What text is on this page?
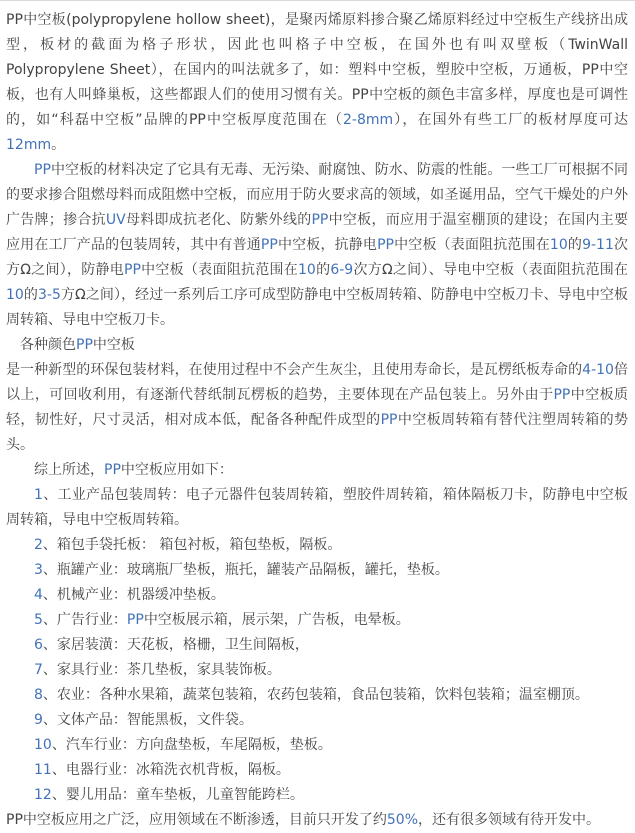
PP中空板(polypropylene hollow sheet)，是聚丙烯原料掺合聚乙烯原料经过中空板生产线挤出成型，板材的截面为格子形状，因此也叫格子中空板，在国外也有叫双壁板（TwinWall Polypropylene Sheet），在国内的叫法就多了，如：塑料中空板，塑胶中空板，万通板，PP中空板，也有人叫蜂巢板，这些都跟人们的使用习惯有关。PP中空板的颜色丰富多样，厚度也是可调性的，如“科磊中空板”品牌的PP中空板厚度范围在（2-8mm），在国外有些工厂的板材厚度可达12mm。

PP中空板的材料决定了它具有无毒、无污染、耐腐蚀、防水、防震的性能。一些工厂可根据不同的要求掺合阻燃母料而成阻燃中空板，而应用于防火要求高的领域，如圣诞用品，空气干燥处的户外广告牌；掺合抗UV母料即成抗老化、防紫外线的PP中空板，而应用于温室棚顶的建设；在国内主要应用在工厂产品的包装周转，其中有普通PP中空板，抗静电PP中空板（表面阻抗范围在10的9-11次方Ω之间），防静电PP中空板（表面阻抗范围在10的6-9次方Ω之间）、导电中空板（表面阻抗范围在10的3-5方Ω之间），经过一系列后工序可成型防静电中空板周转箱、防静电中空板刀卡、导电中空板周转箱、导电中空板刀卡。

各种颜色PP中空板

是一种新型的环保包装材料，在使用过程中不会产生灰尘，且使用寿命长，是瓦楞纸板寿命的4-10倍以上，可回收利用，有逐渐代替纸制瓦楞板的趋势，主要体现在产品包装上。另外由于PP中空板质轻，韧性好，尺寸灵活，相对成本低，配备各种配件成型的PP中空板周转箱有替代注塑周转箱的势头。

综上所述，PP中空板应用如下：

1、工业产品包装周转：电子元器件包装周转箱，塑胶件周转箱，箱体隔板刀卡，防静电中空板周转箱，导电中空板周转箱。

2、箱包手袋托板： 箱包衬板，箱包垫板，隔板。

3、瓶罐产业：玻璃瓶厂垫板，瓶托，罐装产品隔板，罐托，垫板。

4、机械产业：机器缓冲垫板。

5、广告行业：PP中空板展示箱，展示架，广告板，电晕板。

6、家居装潢：天花板，格栅，卫生间隔板，

7、家具行业：茶几垫板，家具装饰板。

8、农业：各种水果箱，蔬菜包装箱，农药包装箱，食品包装箱，饮料包装箱；温室棚顶。

9、文体产品：智能黑板，文件袋。

10、汽车行业：方向盘垫板，车尾隔板，垫板。

11、电器行业：冰箱洗衣机背板，隔板。

12、婴儿用品：童车垫板，儿童智能跨栏。

PP中空板应用之广泛，应用领域在不断渗透，目前只开发了约50%，还有很多领域有待开发中。
